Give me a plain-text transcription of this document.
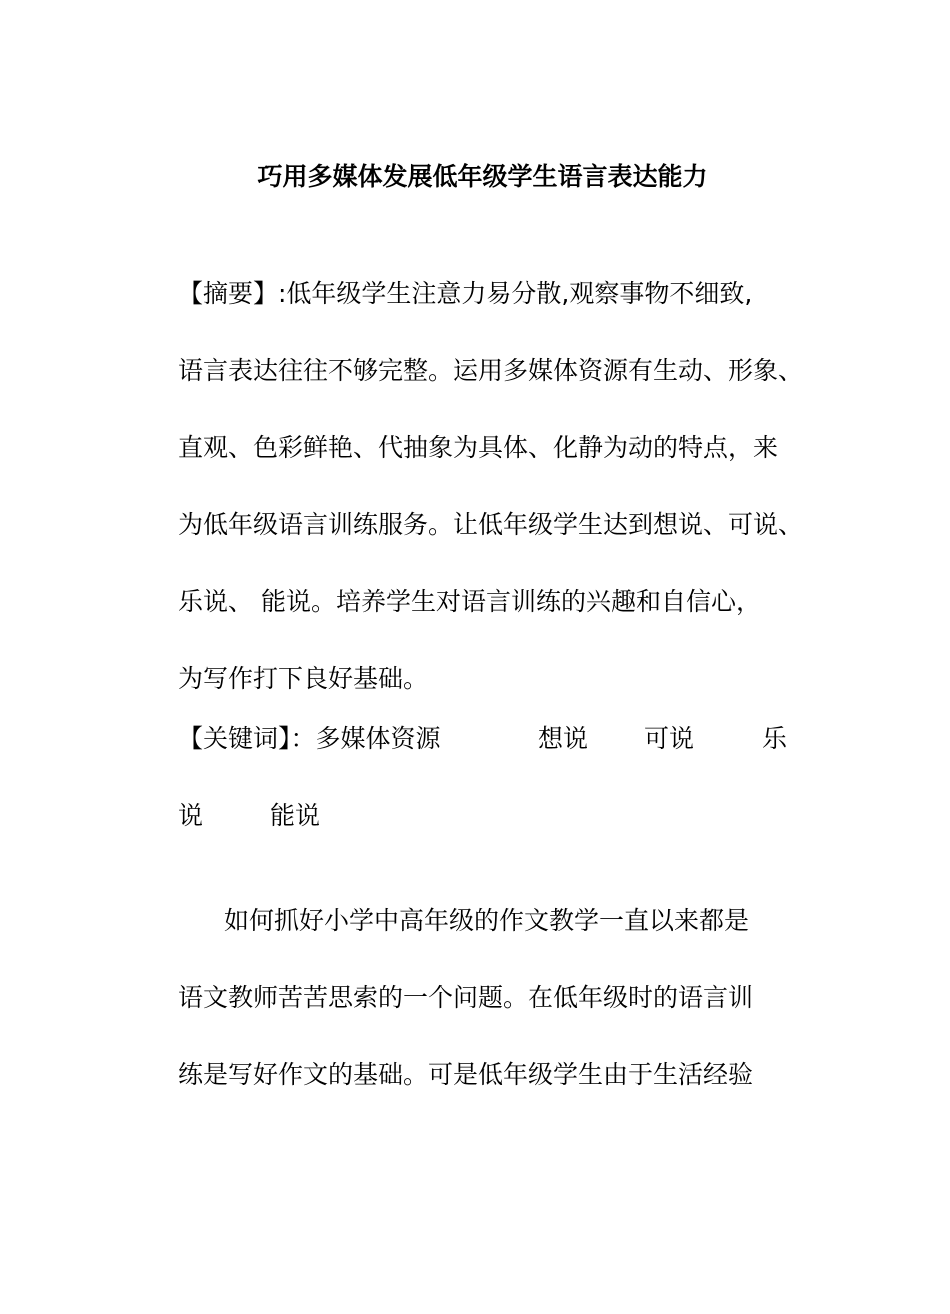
巧用多媒体发展低年级学生语言表达能力
【摘要】:低年级学生注意力易分散,观察事物不细致,
语言表达往往不够完整。运用多媒体资源有生动、形象、
直观、色彩鲜艳、代抽象为具体、化静为动的特点，来
为低年级语言训练服务。让低年级学生达到想说、可说、
乐说、 能说。培养学生对语言训练的兴趣和自信心，
为写作打下良好基础。
【关键词】：多媒体资源	想说 可说	乐
说	能说
如何抓好小学中高年级的作文教学一直以来都是
语文教师苦苦思索的一个问题。在低年级时的语言训
练是写好作文的基础。可是低年级学生由于生活经验
